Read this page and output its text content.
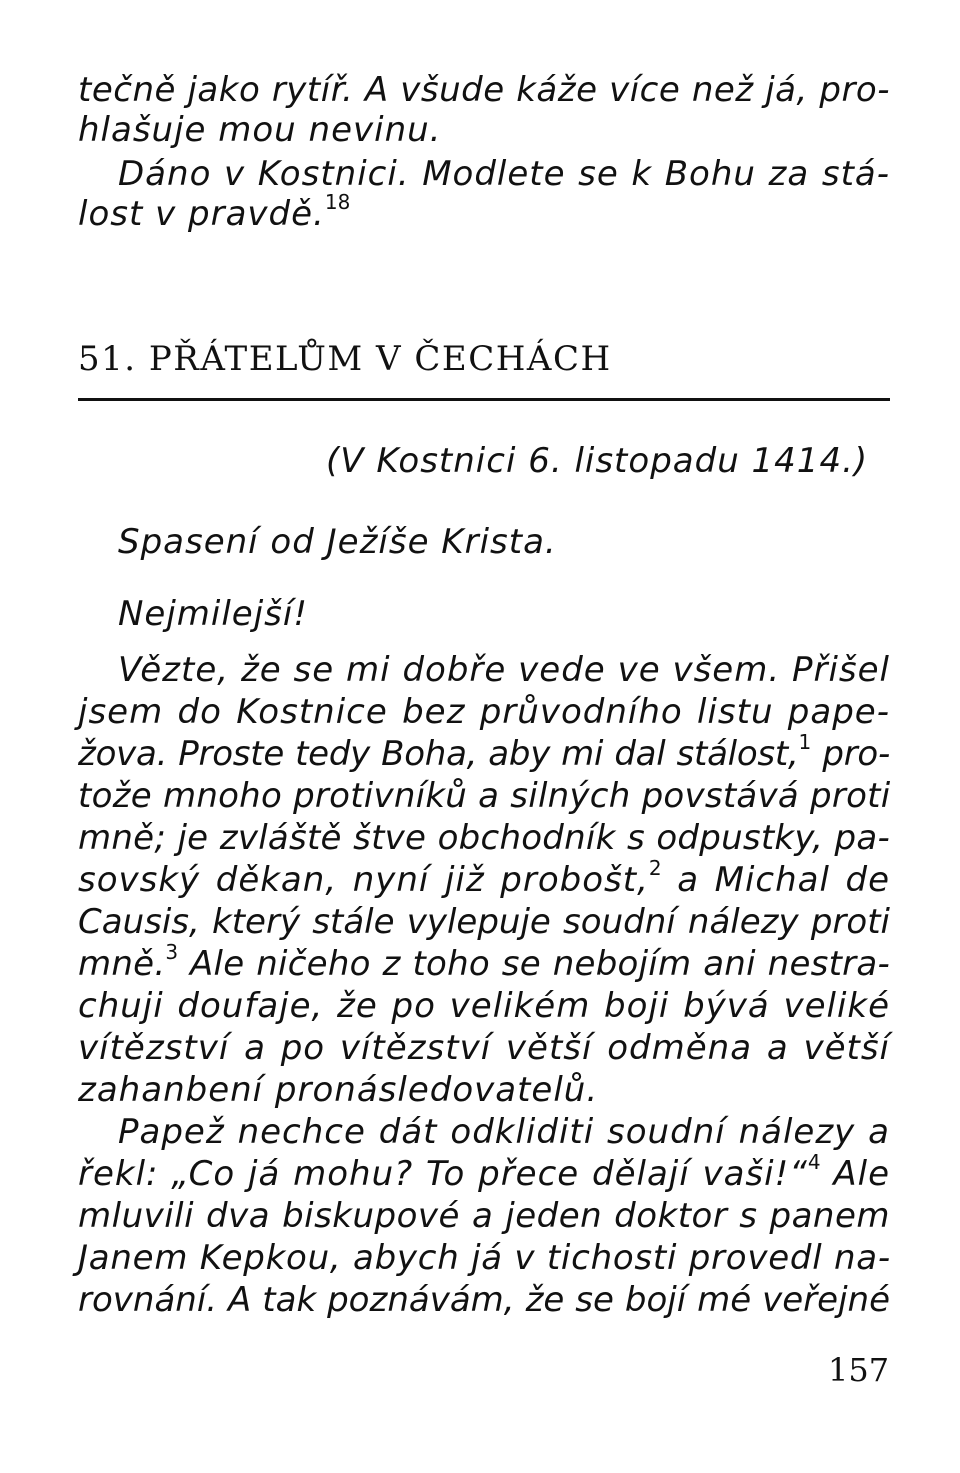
tečně jako rytíř. A všude káže více než já, pro-
hlašuje mou nevinu.
Dáno v Kostnici. Modlete se k Bohu za stá-
lost v pravdě.$^{18}$
51. PŘÁTELŮM V ČECHÁCH
(V Kostnici 6. listopadu 1414.)
Spasení od Ježíše Krista.
Nejmilejší!
Vězte, že se mi dobře vede ve všem. Přišel
jsem do Kostnice bez průvodního listu pape-
žova. Proste tedy Boha, aby mi dal stálost,$^1$ pro-
tože mnoho protivníků a silných povstává proti
mně; je zvláště štve obchodník s odpustky, pa-
sovský děkan, nyní již probošt,$^2$ a Michal de
Causis, který stále vylepuje soudní nálezy proti
mně.$^3$ Ale ničeho z toho se nebojím ani nestra-
chuji doufaje, že po velikém boji bývá veliké
vítězství a po vítězství větší odměna a větší
zahanbení pronásledovatelů.
Papež nechce dát odkliditi soudní nálezy a
řekl: „Co já mohu? To přece dělají vaši!“$^4$ Ale
mluvili dva biskupové a jeden doktor s panem
Janem Kepkou, abych já v tichosti provedl na-
rovnání. A tak poznávám, že se bojí mé veřejné
157
